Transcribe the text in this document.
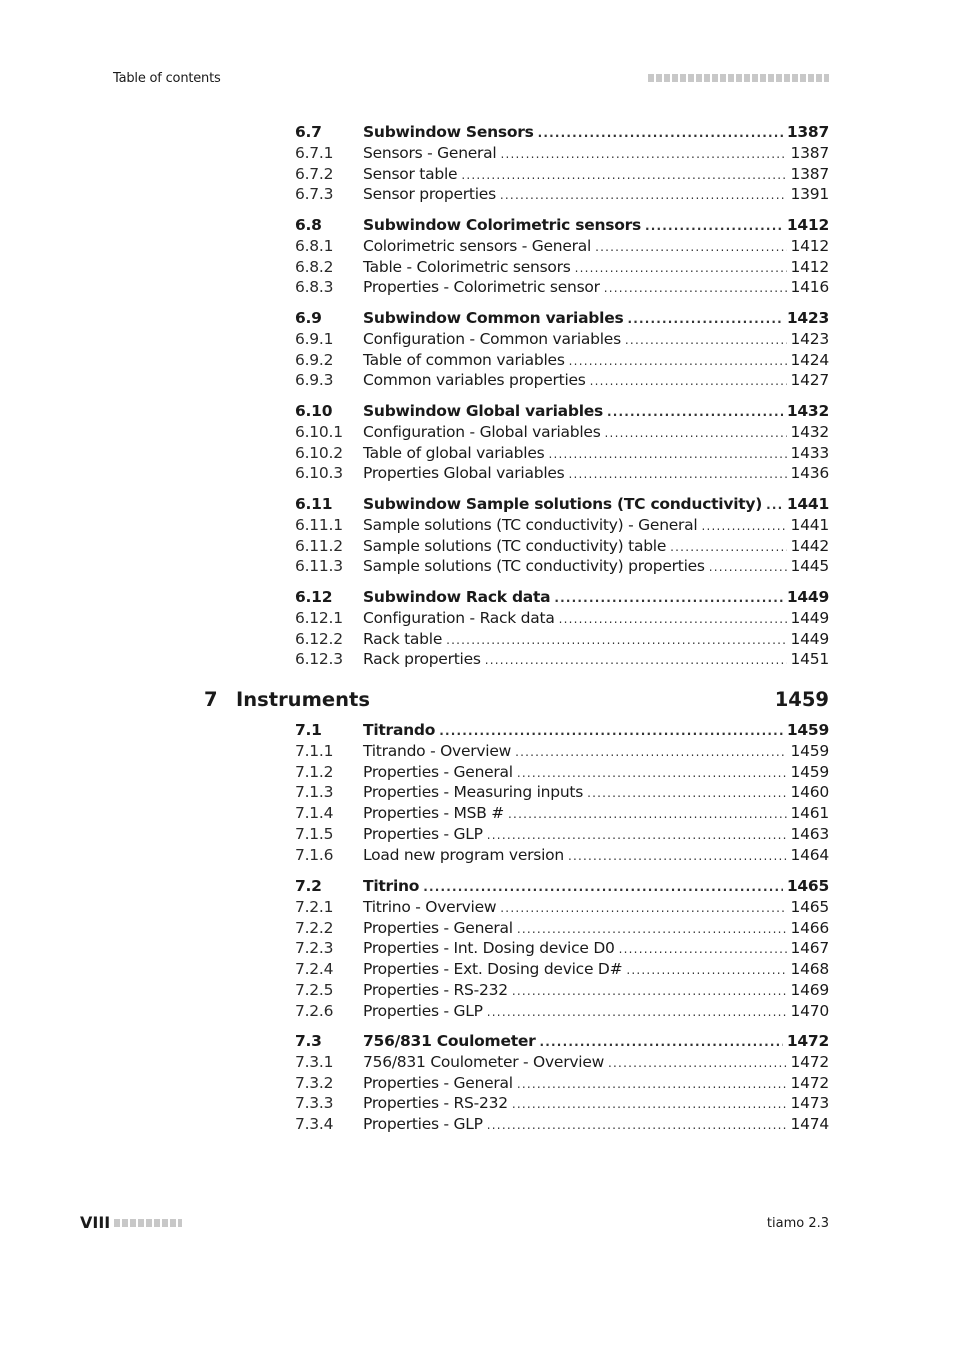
Table of contents
6.7	Subwindow Sensors .....	1387
6.7.1	Sensors - General .....	1387
6.7.2	Sensor table .....	1387
6.7.3	Sensor properties .....	1391
6.8	Subwindow Colorimetric sensors .....	1412
6.8.1	Colorimetric sensors - General .....	1412
6.8.2	Table - Colorimetric sensors .....	1412
6.8.3	Properties - Colorimetric sensor .....	1416
6.9	Subwindow Common variables .....	1423
6.9.1	Configuration - Common variables .....	1423
6.9.2	Table of common variables .....	1424
6.9.3	Common variables properties .....	1427
6.10	Subwindow Global variables .....	1432
6.10.1	Configuration - Global variables .....	1432
6.10.2	Table of global variables .....	1433
6.10.3	Properties Global variables .....	1436
6.11	Subwindow Sample solutions (TC conductivity) ..... 1441
6.11.1	Sample solutions (TC conductivity) - General .....	1441
6.11.2	Sample solutions (TC conductivity) table .....	1442
6.11.3	Sample solutions (TC conductivity) properties .....	1445
6.12	Subwindow Rack data .....	1449
6.12.1	Configuration - Rack data .....	1449
6.12.2	Rack table .....	1449
6.12.3	Rack properties .....	1451
7 Instruments	1459
7.1	Titrando .....	1459
7.1.1	Titrando - Overview .....	1459
7.1.2	Properties - General .....	1459
7.1.3	Properties - Measuring inputs .....	1460
7.1.4	Properties - MSB # .....	1461
7.1.5	Properties - GLP .....	1463
7.1.6	Load new program version .....	1464
7.2	Titrino .....	1465
7.2.1	Titrino - Overview .....	1465
7.2.2	Properties - General .....	1466
7.2.3	Properties - Int. Dosing device D0 .....	1467
7.2.4	Properties - Ext. Dosing device D# .....	1468
7.2.5	Properties - RS-232 .....	1469
7.2.6	Properties - GLP .....	1470
7.3	756/831 Coulometer .....	1472
7.3.1	756/831 Coulometer - Overview .....	1472
7.3.2	Properties - General .....	1472
7.3.3	Properties - RS-232 .....	1473
7.3.4	Properties - GLP .....	1474
VIII	tiamo 2.3
